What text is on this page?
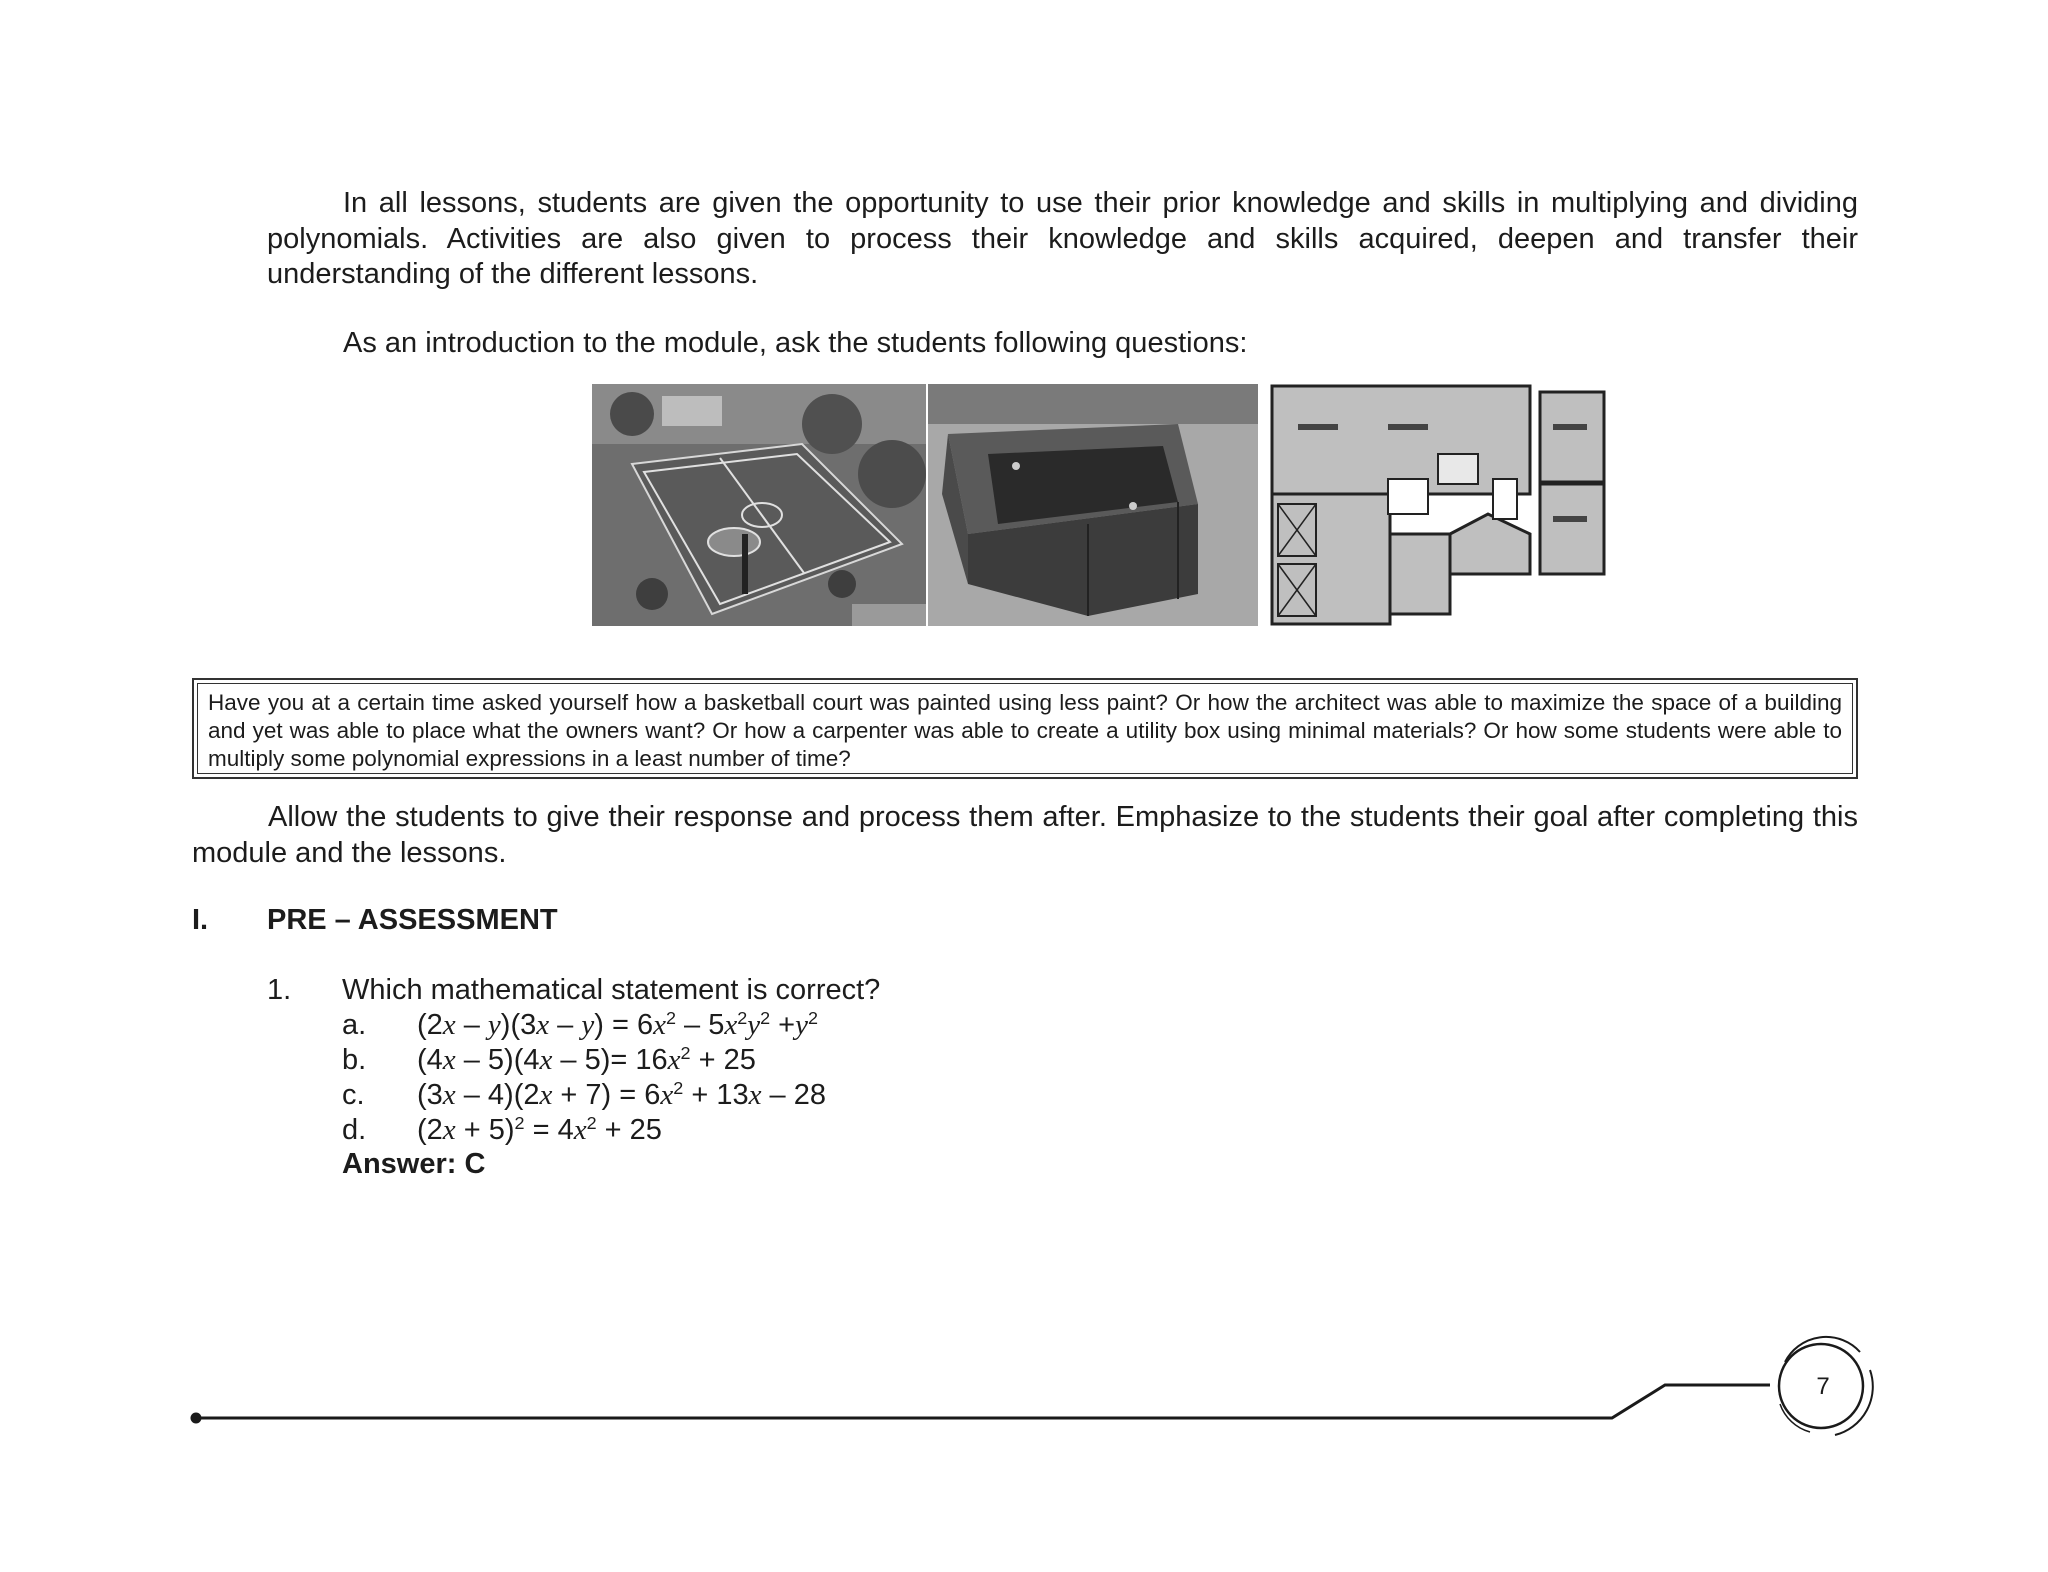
In all lessons, students are given the opportunity to use their prior knowledge and skills in multiplying and dividing polynomials. Activities are also given to process their knowledge and skills acquired, deepen and transfer their understanding of the different lessons.
As an introduction to the module, ask the students following questions:
Have you at a certain time asked yourself how a basketball court was painted using less paint? Or how the architect was able to maximize the space of a building and yet was able to place what the owners want? Or how a carpenter was able to create a utility box using minimal materials? Or how some students were able to multiply some polynomial expressions in a least number of time?
Allow the students to give their response and process them after. Emphasize to the students their goal after completing this module and the lessons.
I. PRE – ASSESSMENT
1. Which mathematical statement is correct?
a. $(2x - y)(3x - y) = 6x^2 - 5x^2y^2 +y^2$
b. $(4x - 5)(4x - 5)= 16x^2 + 25$
c. $(3x - 4)(2x + 7) = 6x^2 + 13x - 28$
d. $(2x + 5)^2 = 4x^2 + 25$
Answer: C
7
